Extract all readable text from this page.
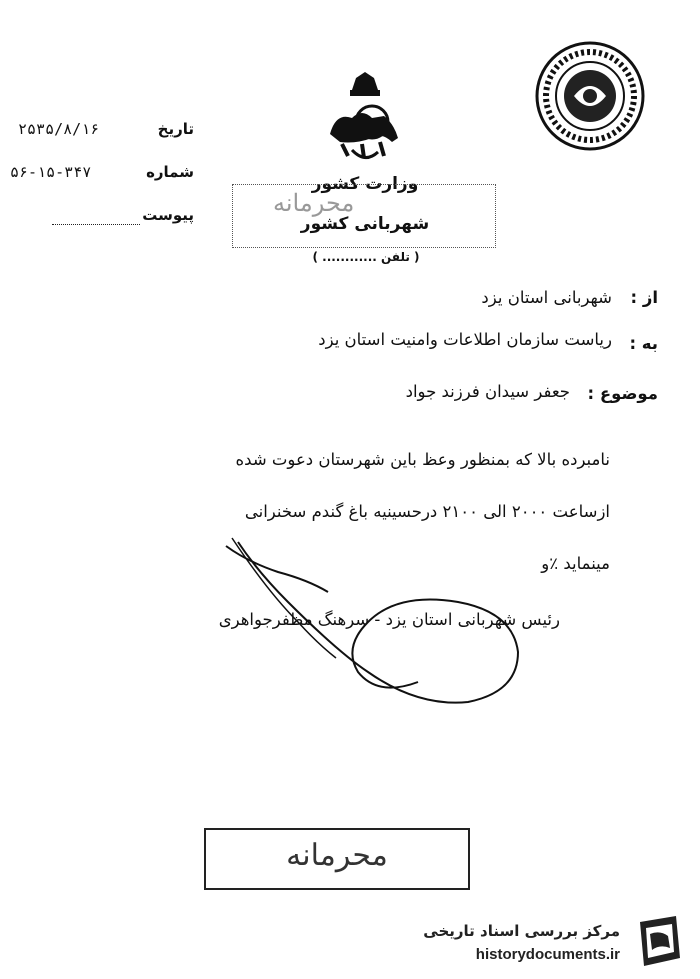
تاریخ
۲۵۳۵/۸/۱۶
شماره
۵۶-۱۵-۳۴۷
پیوست
وزارت کشور
محرمانه
شهربانی کشور
( تلفن ............ )
از :
شهربانی استان یزد
به :
ریاست سازمان اطلاعات وامنیت استان یزد
موضوع :
جعفر سیدان فرزند جواد
نامبرده بالا که بمنظور وعظ باین شهرستان دعوت شده
ازساعت ۲۰۰۰ الی ۲۱۰۰ درحسینیه باغ گندم سخنرانی
مینماید ٪و
رئیس شهربانی استان یزد - سرهنگ مظفرجواهری
محرمانه
مرکز بررسی اسناد تاریخی
historydocuments.ir
